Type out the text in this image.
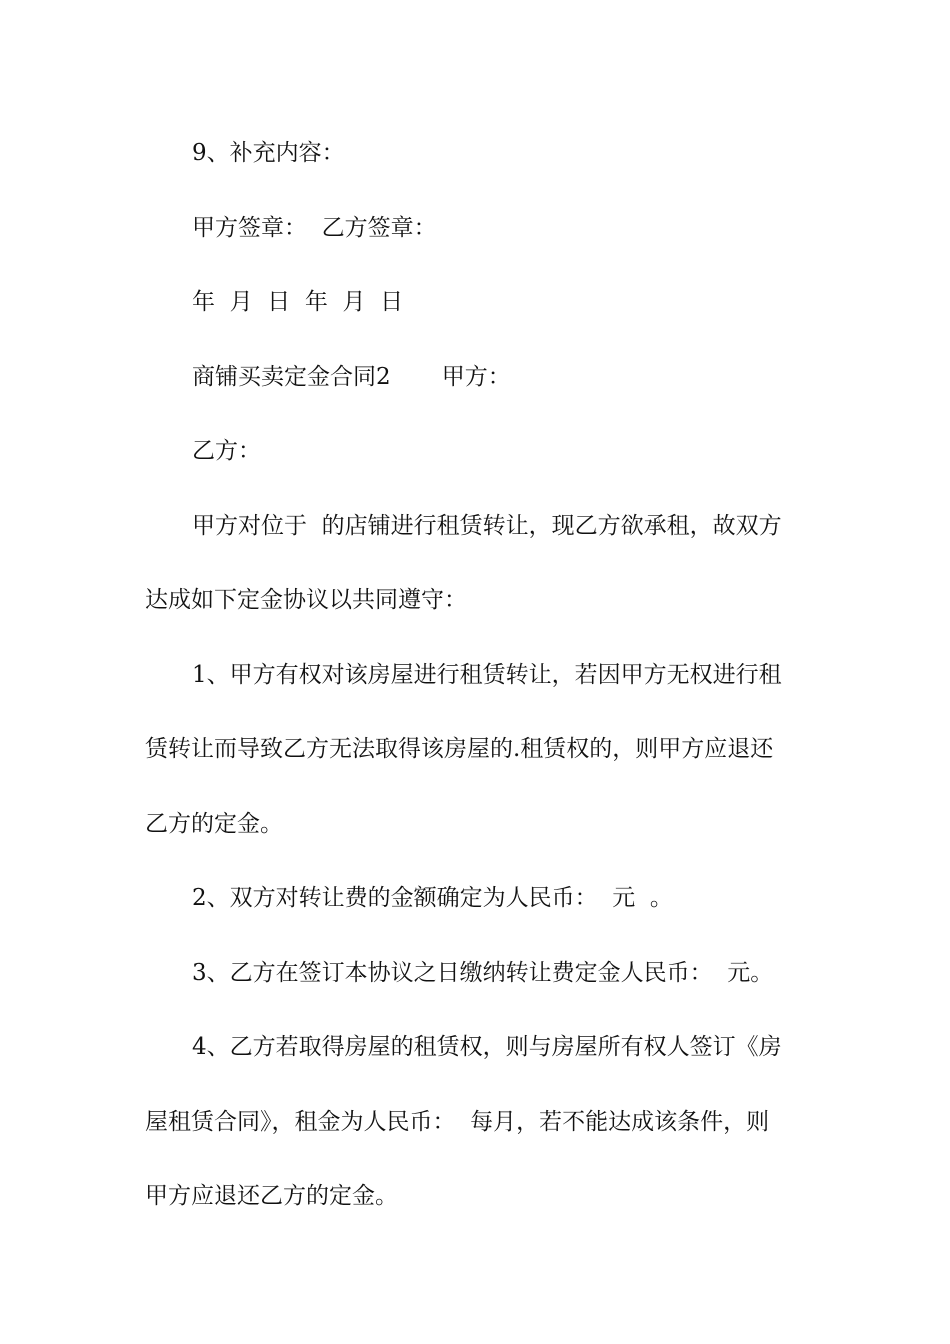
9、补充内容：

甲方签章：  乙方签章：

年  月  日  年  月  日

商铺买卖定金合同2       甲方：

乙方：

甲方对位于  的店铺进行租赁转让，现乙方欲承租，故双方

达成如下定金协议以共同遵守：

1、甲方有权对该房屋进行租赁转让，若因甲方无权进行租

赁转让而导致乙方无法取得该房屋的.租赁权的，则甲方应退还

乙方的定金。

2、双方对转让费的金额确定为人民币：  元  。

3、乙方在签订本协议之日缴纳转让费定金人民币：  元。

4、乙方若取得房屋的租赁权，则与房屋所有权人签订《房

屋租赁合同》，租金为人民币：  每月，若不能达成该条件，则

甲方应退还乙方的定金。
